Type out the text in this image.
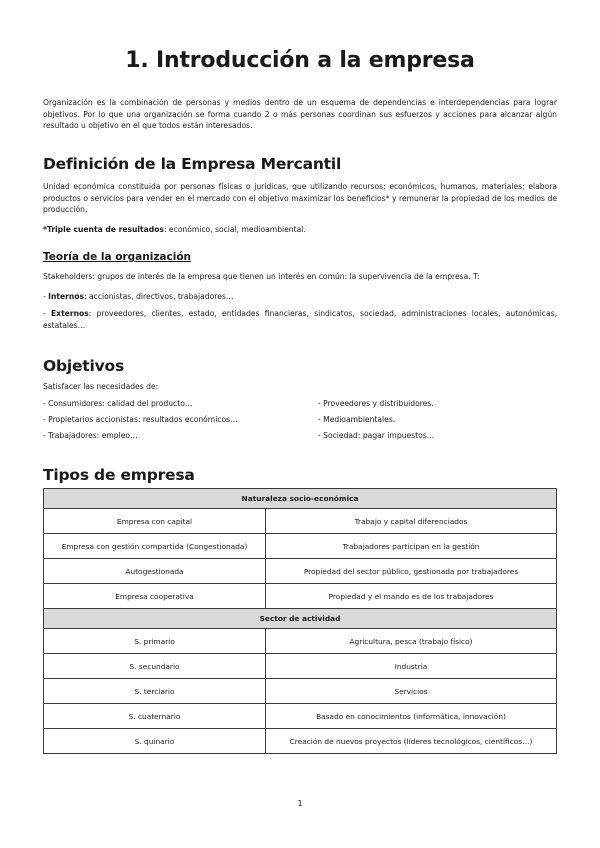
1. Introducción a la empresa

Organización es la combinación de personas y medios dentro de un esquema de dependencias e interdependencias para lograr objetivos. Por lo que una organización se forma cuando 2 o más personas coordinan sus esfuerzos y acciones para alcanzar algún resultado u objetivo en el que todos están interesados.

Definición de la Empresa Mercantil

Unidad económica constituida por personas físicas o jurídicas, que utilizando recursos; económicos, humanos, materiales; elabora productos o servicios para vender en el mercado con el objetivo maximizar los beneficios* y remunerar la propiedad de los medios de producción.

*Triple cuenta de resultados: económico, social, medioambiental.

Teoría de la organización

Stakeholders: grupos de interés de la empresa que tienen un interés en común: la supervivencia de la empresa. T:

- Internos: accionistas, directivos, trabajadores…

- Externos: proveedores, clientes, estado, entidades financieras, sindicatos, sociedad, administraciones locales, autonómicas, estatales…

Objetivos

Satisfacer las necesidades de:

- Consumidores: calidad del producto…	- Proveedores y distribuidores.
- Propietarios accionistas: resultados económicos…	- Medioambientales.
- Trabajadores: empleo…	- Sociedad: pagar impuestos…
Tipos de empresa
Naturaleza socio-económica	
Empresa con capital	Trabajo y capital diferenciados
Empresa con gestión compartida (Congestionada)	Trabajadores participan en la gestión
Autogestionada	Propiedad del sector público, gestionada por trabajadores
Empresa cooperativa	Propiedad y el mando es de los trabajadores
Sector de actividad	
S. primario	Agricultura, pesca (trabajo físico)
S. secundario	Industria
S. terciario	Servicios
S. cuaternario	Basado en conocimientos (informática, innovación)
S. quinario	Creación de nuevos proyectos (líderes tecnológicos, científicos…)
1
